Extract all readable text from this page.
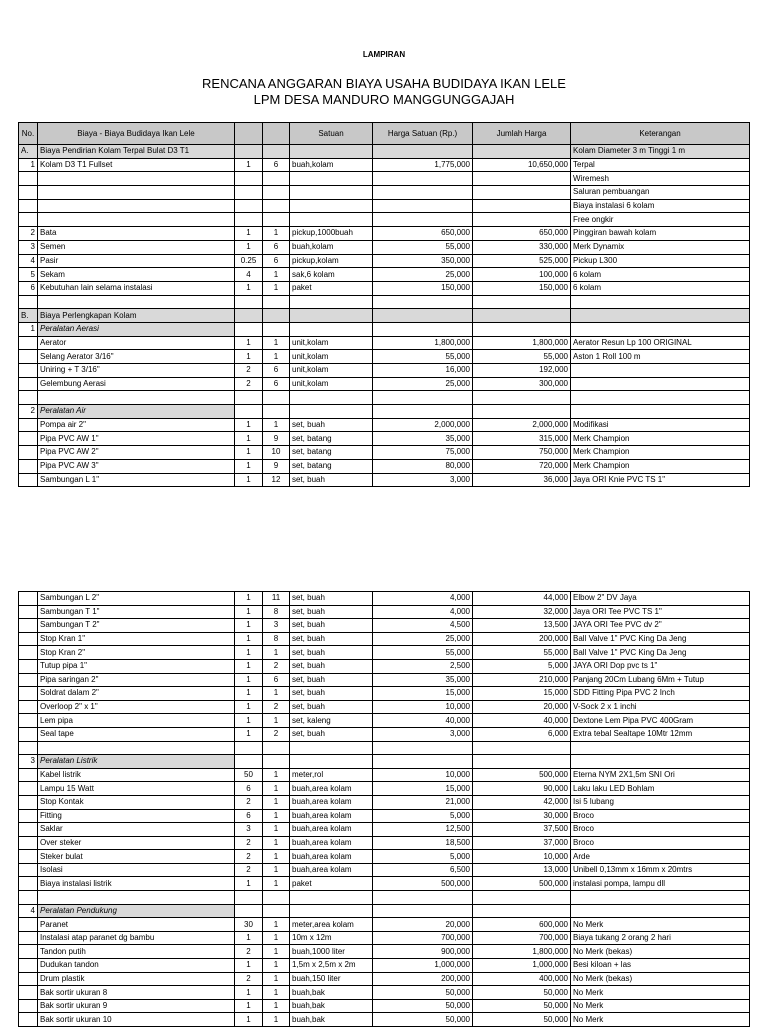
LAMPIRAN
RENCANA ANGGARAN BIAYA USAHA BUDIDAYA IKAN LELE
LPM DESA MANDURO MANGGUNGGAJAH
No.	Biaya - Biaya Budidaya Ikan Lele			Satuan	Harga Satuan (Rp.)	Jumlah Harga	Keterangan
A.	Biaya Pendirian Kolam Terpal Bulat D3 T1						Kolam Diameter 3 m Tinggi 1 m
1	Kolam D3 T1 Fullset	1	6	buah,kolam	1,775,000	10,650,000	Terpal
							Wiremesh
							Saluran pembuangan
							Biaya instalasi 6 kolam
							Free ongkir
2	Bata	1	1	pickup,1000buah	650,000	650,000	Pinggiran bawah kolam
3	Semen	1	6	buah,kolam	55,000	330,000	Merk Dynamix
4	Pasir	0.25	6	pickup,kolam	350,000	525,000	Pickup L300
5	Sekam	4	1	sak,6 kolam	25,000	100,000	6 kolam
6	Kebutuhan lain selama instalasi	1	1	paket	150,000	150,000	6 kolam

B.	Biaya Perlengkapan Kolam						
1	Peralatan Aerasi						
	Aerator	1	1	unit,kolam	1,800,000	1,800,000	Aerator Resun Lp 100 ORIGINAL
	Selang Aerator 3/16"	1	1	unit,kolam	55,000	55,000	Aston 1 Roll 100 m
	Uniring + T 3/16"	2	6	unit,kolam	16,000	192,000	
	Gelembung Aerasi	2	6	unit,kolam	25,000	300,000	

2	Peralatan Air						
	Pompa air 2"	1	1	set, buah	2,000,000	2,000,000	Modifikasi
	Pipa PVC AW 1"	1	9	set, batang	35,000	315,000	Merk Champion
	Pipa PVC AW 2"	1	10	set, batang	75,000	750,000	Merk Champion
	Pipa PVC AW 3"	1	9	set, batang	80,000	720,000	Merk Champion
	Sambungan L 1"	1	12	set, buah	3,000	36,000	Jaya ORI Knie PVC TS 1"
	Sambungan L 2"	1	11	set, buah	4,000	44,000	Elbow 2" DV Jaya
	Sambungan T 1"	1	8	set, buah	4,000	32,000	Jaya ORI Tee PVC TS 1"
	Sambungan T 2"	1	3	set, buah	4,500	13,500	JAYA ORI Tee PVC dv 2"
	Stop Kran 1"	1	8	set, buah	25,000	200,000	Ball Valve 1" PVC King Da Jeng
	Stop Kran 2"	1	1	set, buah	55,000	55,000	Ball Valve 1" PVC King Da Jeng
	Tutup pipa 1"	1	2	set, buah	2,500	5,000	JAYA ORI Dop pvc ts 1"
	Pipa saringan 2"	1	6	set, buah	35,000	210,000	Panjang 20Cm Lubang 6Mm + Tutup
	Soldrat dalam 2"	1	1	set, buah	15,000	15,000	SDD Fitting Pipa PVC 2 Inch
	Overloop 2" x 1"	1	2	set, buah	10,000	20,000	V-Sock 2 x 1 inchi
	Lem pipa	1	1	set, kaleng	40,000	40,000	Dextone Lem Pipa PVC 400Gram
	Seal tape	1	2	set, buah	3,000	6,000	Extra tebal Sealtape 10Mtr 12mm

3	Peralatan Listrik						
	Kabel listrik	50	1	meter,rol	10,000	500,000	Eterna NYM 2X1,5m SNI Ori
	Lampu 15 Watt	6	1	buah,area kolam	15,000	90,000	Laku laku LED Bohlam
	Stop Kontak	2	1	buah,area kolam	21,000	42,000	Isi 5 lubang
	Fitting	6	1	buah,area kolam	5,000	30,000	Broco
	Saklar	3	1	buah,area kolam	12,500	37,500	Broco
	Over steker	2	1	buah,area kolam	18,500	37,000	Broco
	Steker bulat	2	1	buah,area kolam	5,000	10,000	Arde
	Isolasi	2	1	buah,area kolam	6,500	13,000	Unibell 0,13mm x 16mm x 20mtrs
	Biaya instalasi listrik	1	1	paket	500,000	500,000	instalasi pompa, lampu dll

4	Peralatan Pendukung						
	Paranet	30	1	meter,area kolam	20,000	600,000	No Merk
	Instalasi atap paranet dg bambu	1	1	10m x 12m	700,000	700,000	Biaya tukang 2 orang 2 hari
	Tandon putih	2	1	buah,1000 liter	900,000	1,800,000	No Merk (bekas)
	Dudukan tandon	1	1	1,5m x 2,5m x 2m	1,000,000	1,000,000	Besi kiloan + las
	Drum plastik	2	1	buah,150 liter	200,000	400,000	No Merk (bekas)
	Bak sortir ukuran 8	1	1	buah,bak	50,000	50,000	No Merk
	Bak sortir ukuran 9	1	1	buah,bak	50,000	50,000	No Merk
	Bak sortir ukuran 10	1	1	buah,bak	50,000	50,000	No Merk
